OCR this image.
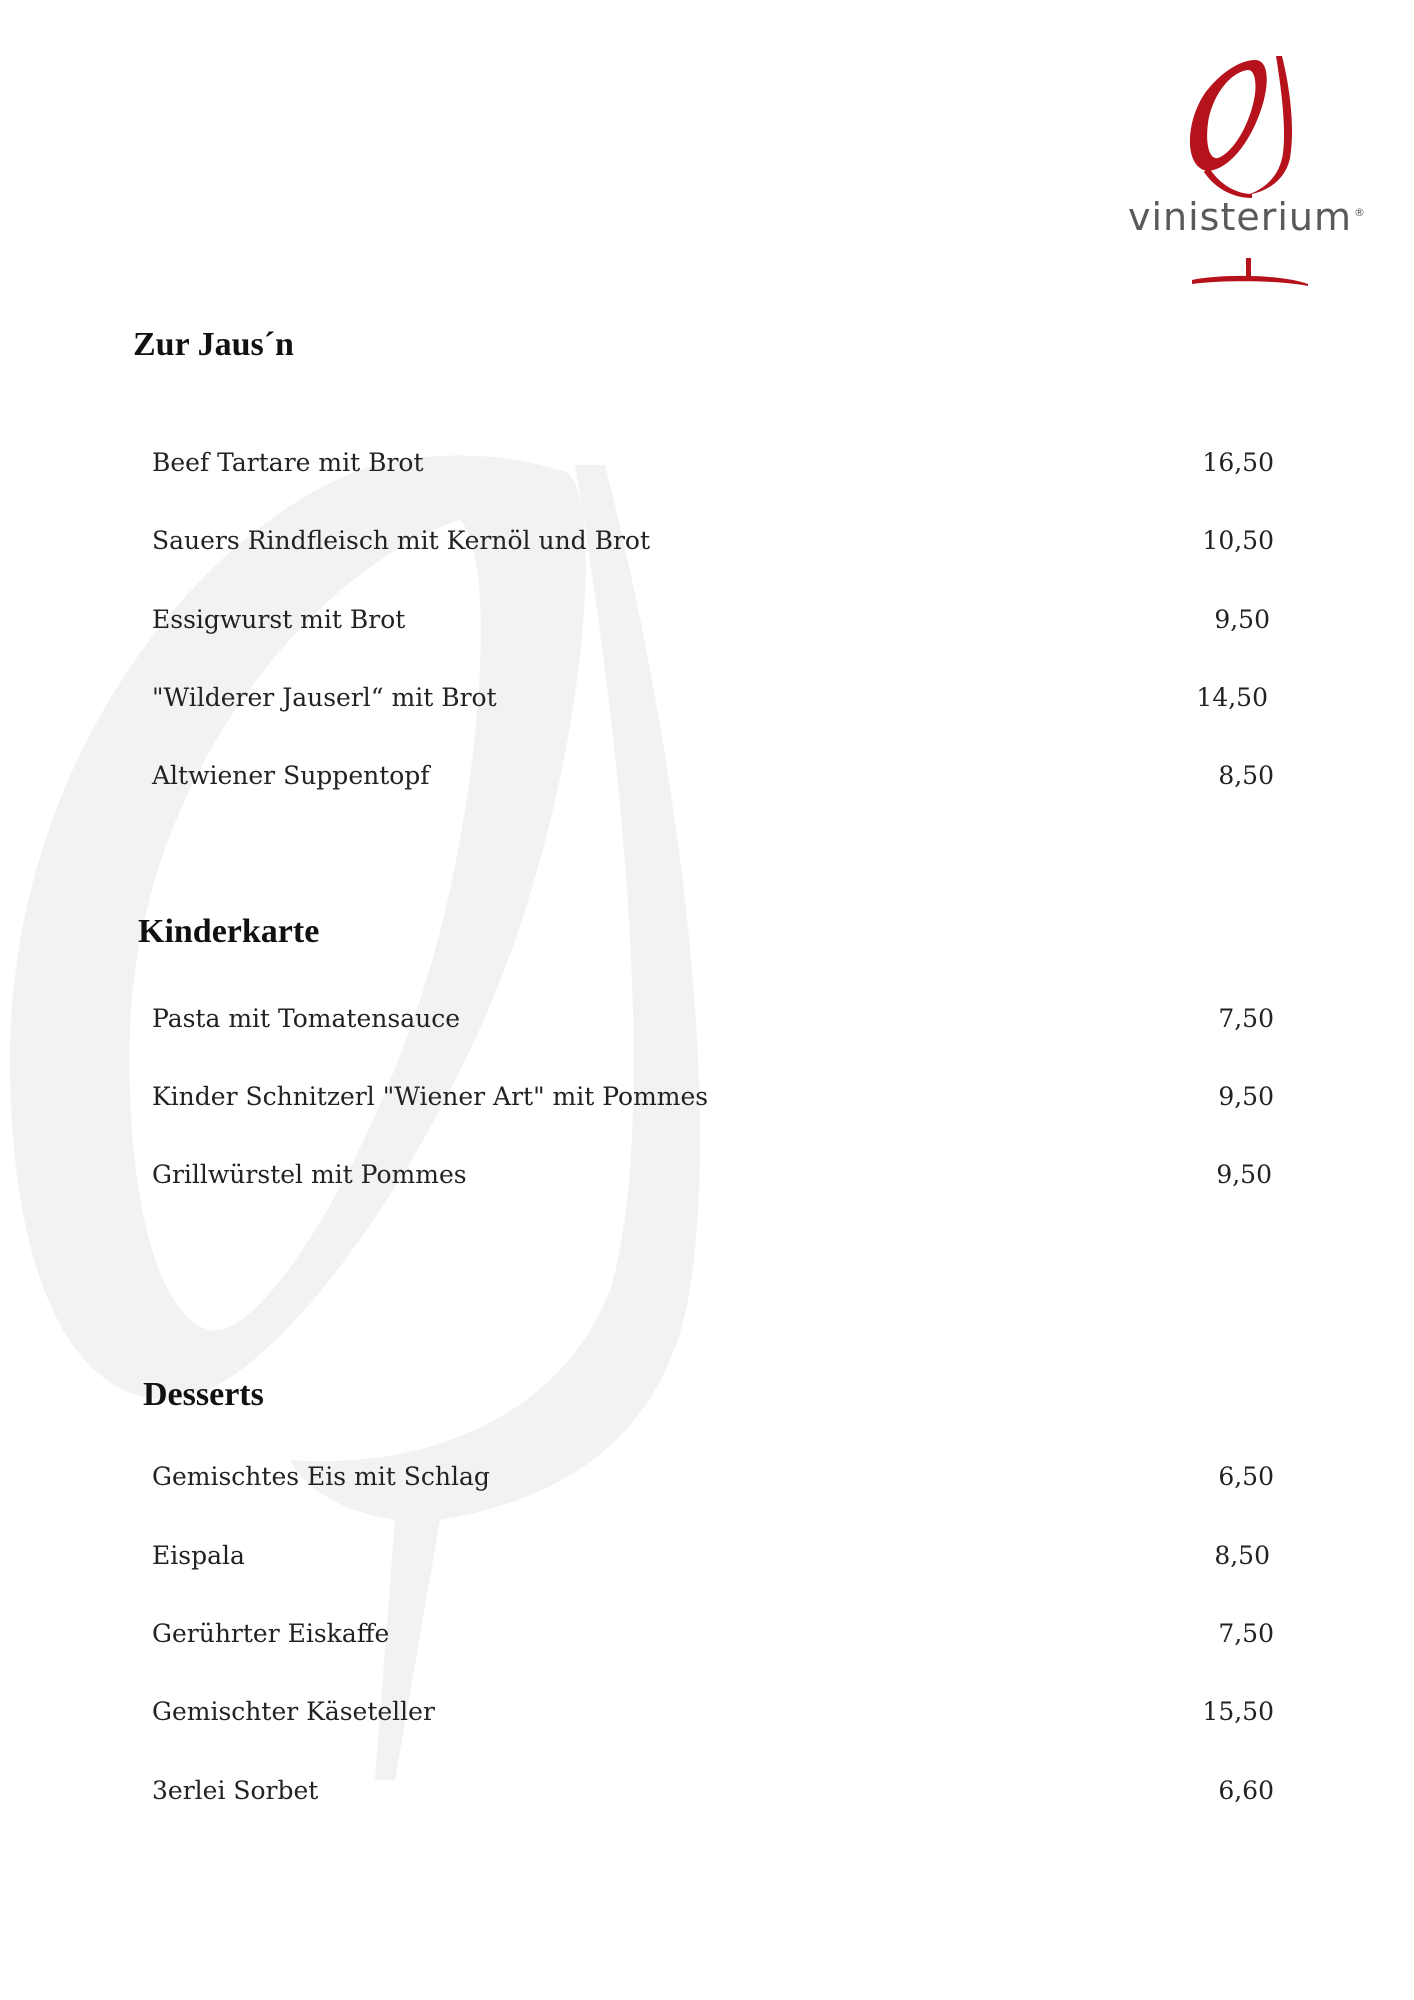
vinisterium ®
Zur Jaus´n
Beef Tartare mit Brot	16,50
Sauers Rindfleisch mit Kernöl und Brot	10,50
Essigwurst mit Brot	9,50
"Wilderer Jauserl“ mit Brot	14,50
Altwiener Suppentopf	8,50
Kinderkarte
Pasta mit Tomatensauce	7,50
Kinder Schnitzerl "Wiener Art" mit Pommes	9,50
Grillwürstel mit Pommes	9,50
Desserts
Gemischtes Eis mit Schlag	6,50
Eispala	8,50
Gerührter Eiskaffe	7,50
Gemischter Käseteller	15,50
3erlei Sorbet	6,60
